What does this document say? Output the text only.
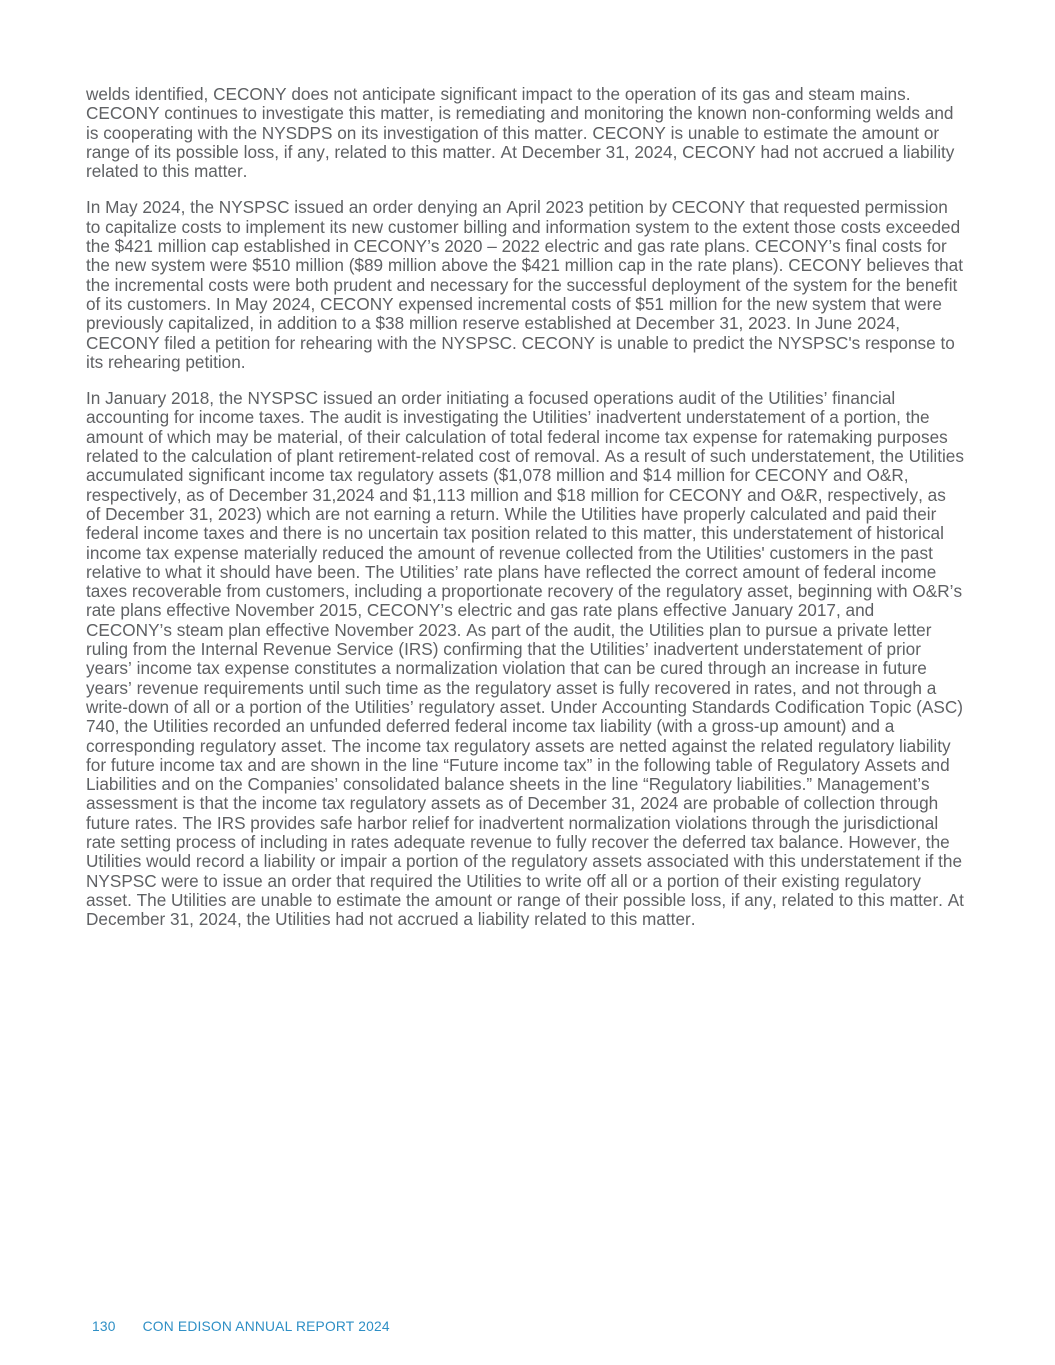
welds identified, CECONY does not anticipate significant impact to the operation of its gas and steam mains. CECONY continues to investigate this matter, is remediating and monitoring the known non-conforming welds and is cooperating with the NYSDPS on its investigation of this matter. CECONY is unable to estimate the amount or range of its possible loss, if any, related to this matter. At December 31, 2024, CECONY had not accrued a liability related to this matter.

In May 2024, the NYSPSC issued an order denying an April 2023 petition by CECONY that requested permission to capitalize costs to implement its new customer billing and information system to the extent those costs exceeded the $421 million cap established in CECONY’s 2020 – 2022 electric and gas rate plans. CECONY’s final costs for the new system were $510 million ($89 million above the $421 million cap in the rate plans). CECONY believes that the incremental costs were both prudent and necessary for the successful deployment of the system for the benefit of its customers. In May 2024, CECONY expensed incremental costs of $51 million for the new system that were previously capitalized, in addition to a $38 million reserve established at December 31, 2023. In June 2024, CECONY filed a petition for rehearing with the NYSPSC. CECONY is unable to predict the NYSPSC's response to its rehearing petition.

In January 2018, the NYSPSC issued an order initiating a focused operations audit of the Utilities’ financial accounting for income taxes. The audit is investigating the Utilities’ inadvertent understatement of a portion, the amount of which may be material, of their calculation of total federal income tax expense for ratemaking purposes related to the calculation of plant retirement-related cost of removal. As a result of such understatement, the Utilities accumulated significant income tax regulatory assets ($1,078 million and $14 million for CECONY and O&R, respectively, as of December 31,2024 and $1,113 million and $18 million for CECONY and O&R, respectively, as of December 31, 2023) which are not earning a return. While the Utilities have properly calculated and paid their federal income taxes and there is no uncertain tax position related to this matter, this understatement of historical income tax expense materially reduced the amount of revenue collected from the Utilities' customers in the past relative to what it should have been. The Utilities’ rate plans have reflected the correct amount of federal income taxes recoverable from customers, including a proportionate recovery of the regulatory asset, beginning with O&R’s rate plans effective November 2015, CECONY’s electric and gas rate plans effective January 2017, and CECONY’s steam plan effective November 2023. As part of the audit, the Utilities plan to pursue a private letter ruling from the Internal Revenue Service (IRS) confirming that the Utilities’ inadvertent understatement of prior years’ income tax expense constitutes a normalization violation that can be cured through an increase in future years’ revenue requirements until such time as the regulatory asset is fully recovered in rates, and not through a write-down of all or a portion of the Utilities’ regulatory asset. Under Accounting Standards Codification Topic (ASC) 740, the Utilities recorded an unfunded deferred federal income tax liability (with a gross-up amount) and a corresponding regulatory asset. The income tax regulatory assets are netted against the related regulatory liability for future income tax and are shown in the line “Future income tax” in the following table of Regulatory Assets and Liabilities and on the Companies’ consolidated balance sheets in the line “Regulatory liabilities.” Management’s assessment is that the income tax regulatory assets as of December 31, 2024 are probable of collection through future rates. The IRS provides safe harbor relief for inadvertent normalization violations through the jurisdictional rate setting process of including in rates adequate revenue to fully recover the deferred tax balance. However, the Utilities would record a liability or impair a portion of the regulatory assets associated with this understatement if the NYSPSC were to issue an order that required the Utilities to write off all or a portion of their existing regulatory asset. The Utilities are unable to estimate the amount or range of their possible loss, if any, related to this matter. At December 31, 2024, the Utilities had not accrued a liability related to this matter.

130 CON EDISON ANNUAL REPORT 2024
